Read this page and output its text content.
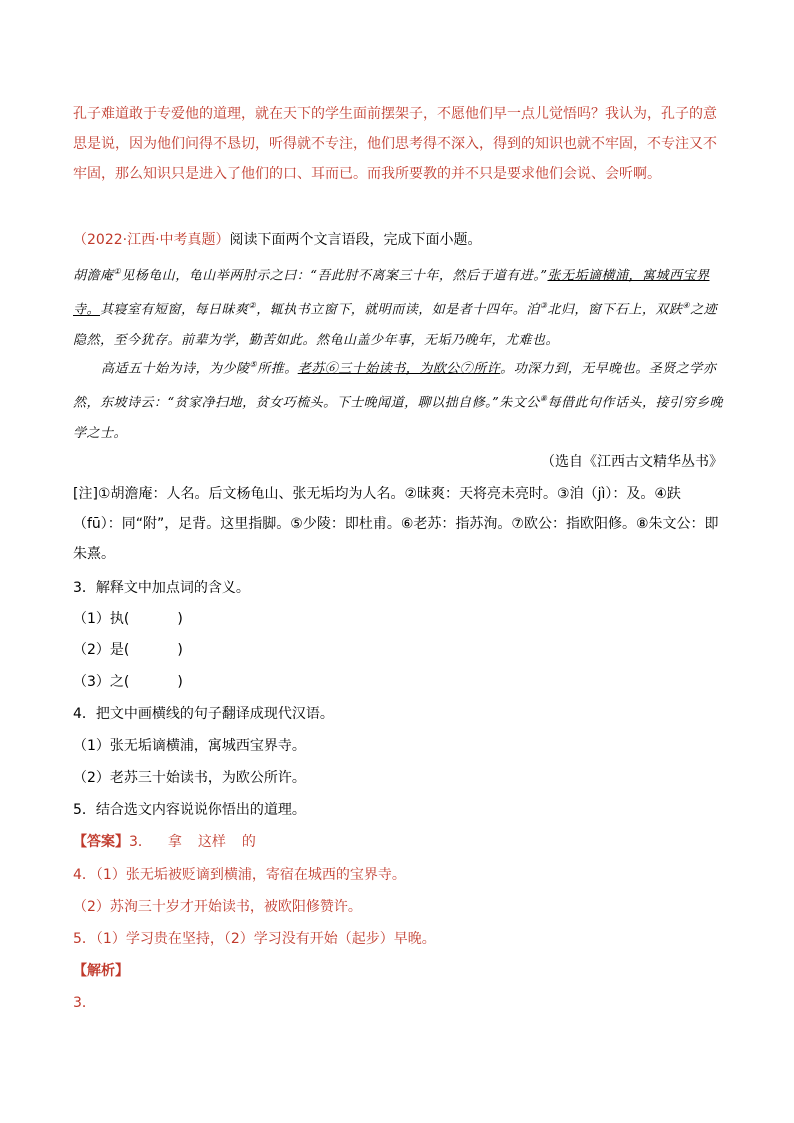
孔子难道敢于专爱他的道理，就在天下的学生面前摆架子，不愿他们早一点儿觉悟吗？我认为，孔子的意思是说，因为他们问得不恳切，听得就不专注，他们思考得不深入，得到的知识也就不牢固，不专注又不牢固，那么知识只是进入了他们的口、耳而已。而我所要教的并不只是要求他们会说、会听啊。
（2022·江西·中考真题）阅读下面两个文言语段，完成下面小题。
胡澹庵①见杨龟山，龟山举两肘示之曰：“吾此肘不离案三十年，然后于道有进。”张无垢谪横浦，寓城西宝界寺。其寝室有短窗，每日昧爽②，辄执书立窗下，就明而读，如是者十四年。洎③北归，窗下石上，双趺④之迹隐然，至今犹存。前辈为学，勤苦如此。然龟山盖少年事，无垢乃晚年，尤难也。
高适五十始为诗，为少陵⑤所推。老苏⑥三十始读书，为欧公⑦所许。功深力到，无早晚也。圣贤之学亦然，东坡诗云：“贫家净扫地，贫女巧梳头。下士晚闻道，聊以拙自修。”朱文公⑧每借此句作话头，接引穷乡晚学之士。
（选自《江西古文精华丛书》
[注]①胡澹庵：人名。后文杨龟山、张无垢均为人名。②昧爽：天将亮未亮时。③洎（jì）：及。④趺（fū）：同“附”，足背。这里指脚。⑤少陵：即杜甫。⑥老苏：指苏洵。⑦欧公：指欧阳修。⑧朱文公：即朱熹。
3．解释文中加点词的含义。
（1）执(	)
（2）是(	)
（3）之(	)
4．把文中画横线的句子翻译成现代汉语。
（1）张无垢谪横浦，寓城西宝界寺。
（2）老苏三十始读书，为欧公所许。
5．结合选文内容说说你悟出的道理。
【答案】3． 拿 这样 的
4．（1）张无垢被贬谪到横浦，寄宿在城西的宝界寺。
（2）苏洵三十岁才开始读书，被欧阳修赞许。
5．（1）学习贵在坚持，（2）学习没有开始（起步）早晚。
【解析】
3．
